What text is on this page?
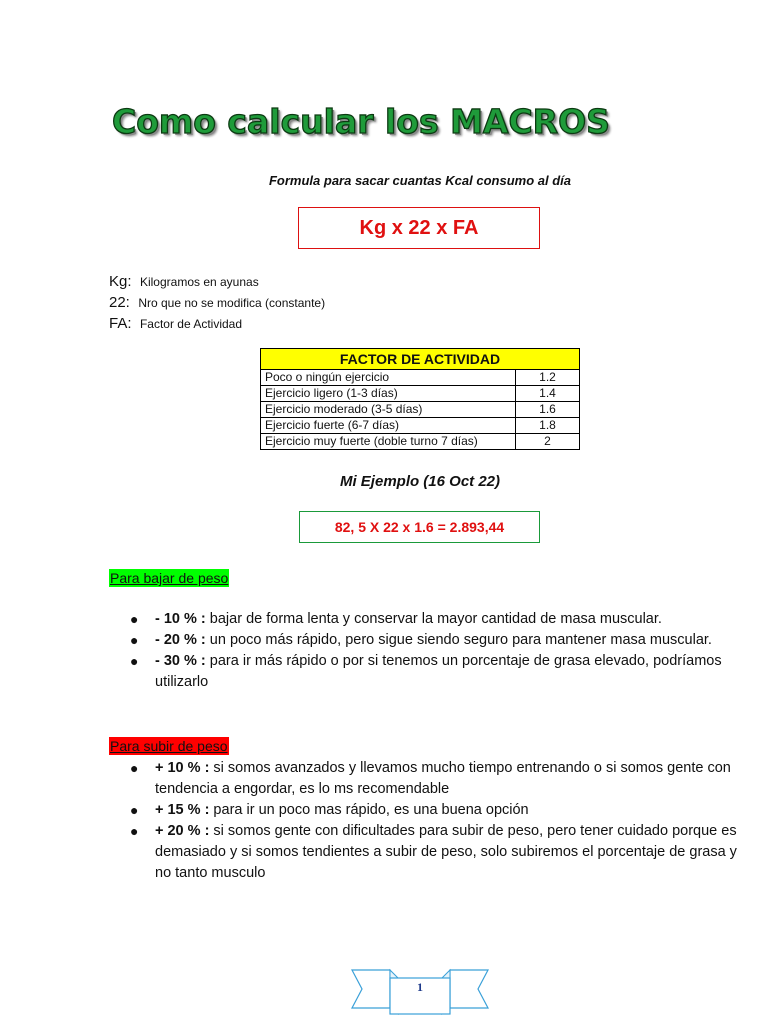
Como calcular los MACROS
Formula para sacar cuantas Kcal consumo al día
Kg x 22 x FA
Kg: Kilogramos en ayunas
22: Nro que no se modifica (constante)
FA: Factor de Actividad
FACTOR DE ACTIVIDAD	
Poco o ningún ejercicio	1.2
Ejercicio ligero (1-3 días)	1.4
Ejercicio moderado (3-5 días)	1.6
Ejercicio fuerte (6-7 días)	1.8
Ejercicio muy fuerte (doble turno 7 días)	2
Mi Ejemplo (16 Oct 22)
82, 5 X 22 x 1.6 = 2.893,44
Para bajar de peso
● - 10 % : bajar de forma lenta y conservar la mayor cantidad de masa muscular.
● - 20 % : un poco más rápido, pero sigue siendo seguro para mantener masa muscular.
● - 30 % : para ir más rápido o por si tenemos un porcentaje de grasa elevado, podríamos utilizarlo
Para subir de peso
● + 10 % : si somos avanzados y llevamos mucho tiempo entrenando o si somos gente con tendencia a engordar, es lo ms recomendable
● + 15 % : para ir un poco mas rápido, es una buena opción
● + 20 % : si somos gente con dificultades para subir de peso, pero tener cuidado porque es demasiado y si somos tendientes a subir de peso, solo subiremos el porcentaje de grasa y no tanto musculo
1
